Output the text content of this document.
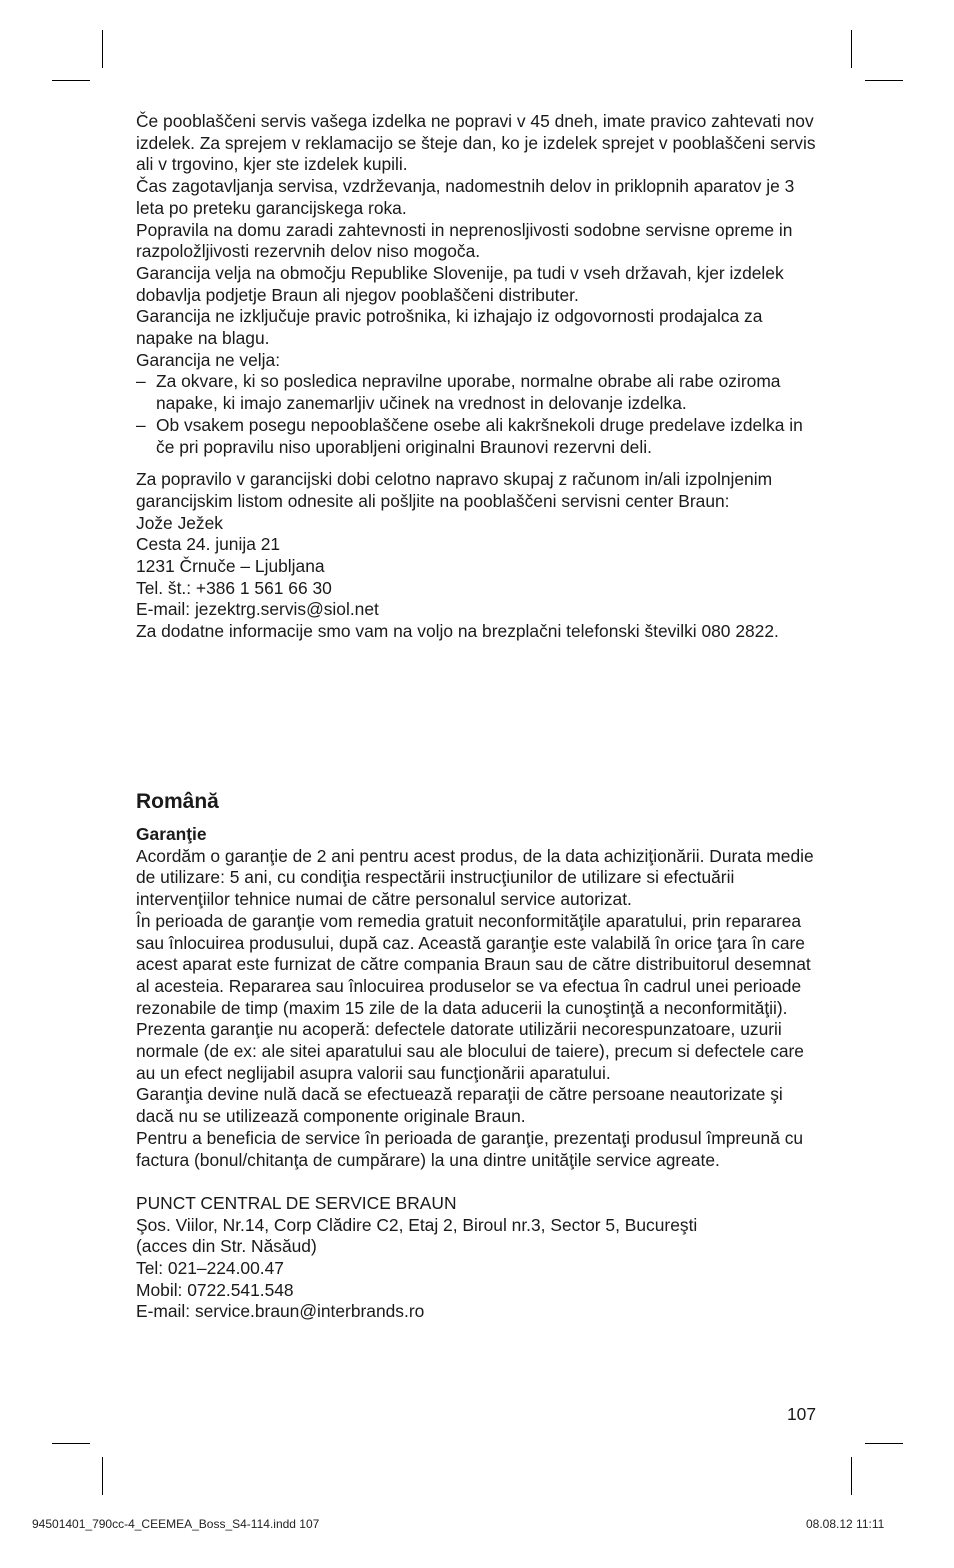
Če pooblaščeni servis vašega izdelka ne popravi v 45 dneh, imate pravico zahtevati nov izdelek. Za sprejem v reklamacijo se šteje dan, ko je izdelek sprejet v pooblaščeni servis ali v trgovino, kjer ste izdelek kupili.

Čas zagotavljanja servisa, vzdrževanja, nadomestnih delov in priklopnih aparatov je 3 leta po preteku garancijskega roka.

Popravila na domu zaradi zahtevnosti in neprenosljivosti sodobne servisne opreme in razpoložljivosti rezervnih delov niso mogoča.

Garancija velja na območju Republike Slovenije, pa tudi v vseh državah, kjer izdelek dobavlja podjetje Braun ali njegov pooblaščeni distributer.

Garancija ne izključuje pravic potrošnika, ki izhajajo iz odgovornosti prodajalca za napake na blagu.

Garancija ne velja:

– Za okvare, ki so posledica nepravilne uporabe, normalne obrabe ali rabe oziroma napake, ki imajo zanemarljiv učinek na vrednost in delovanje izdelka.
– Ob vsakem posegu nepooblaščene osebe ali kakršnekoli druge predelave izdelka in če pri popravilu niso uporabljeni originalni Braunovi rezervni deli.

Za popravilo v garancijski dobi celotno napravo skupaj z računom in/ali izpolnjenim garancijskim listom odnesite ali pošljite na pooblaščeni servisni center Braun:

Jože Ježek
Cesta 24. junija 21
1231 Črnuče – Ljubljana
Tel. št.: +386 1 561 66 30
E-mail: jezektrg.servis@siol.net

Za dodatne informacije smo vam na voljo na brezplačni telefonski številki 080 2822.

Română
Garanţie

Acordăm o garanţie de 2 ani pentru acest produs, de la data achiziţionării. Durata medie de utilizare: 5 ani, cu condiţia respectării instrucţiunilor de utilizare si efectuării intervenţiilor tehnice numai de către personalul service autorizat.

În perioada de garanţie vom remedia gratuit neconformităţile aparatului, prin repararea sau înlocuirea produsului, după caz. Această garanţie este valabilă în orice ţara în care acest aparat este furnizat de către compania Braun sau de către distribuitorul desemnat al acesteia. Repararea sau înlocuirea produselor se va efectua în cadrul unei perioade rezonabile de timp (maxim 15 zile de la data aducerii la cunoştinţă a neconformităţii).

Prezenta garanţie nu acoperă: defectele datorate utilizării necorespunzatoare, uzurii normale (de ex: ale sitei aparatului sau ale blocului de taiere), precum si defectele care au un efect neglijabil asupra valorii sau funcţionării aparatului.

Garanţia devine nulă dacă se efectuează reparaţii de către persoane neautorizate şi dacă nu se utilizează componente originale Braun.

Pentru a beneficia de service în perioada de garanţie, prezentaţi produsul împreună cu factura (bonul/chitanţa de cumpărare) la una dintre unităţile service agreate.

PUNCT CENTRAL DE SERVICE BRAUN
Şos. Viilor, Nr.14, Corp Clădire C2, Etaj 2, Biroul nr.3, Sector 5, Bucureşti
(acces din Str. Năsăud)
Tel: 021–224.00.47
Mobil: 0722.541.548
E-mail: service.braun@interbrands.ro
107
94501401_790cc-4_CEEMEA_Boss_S4-114.indd 107	08.08.12 11:11
